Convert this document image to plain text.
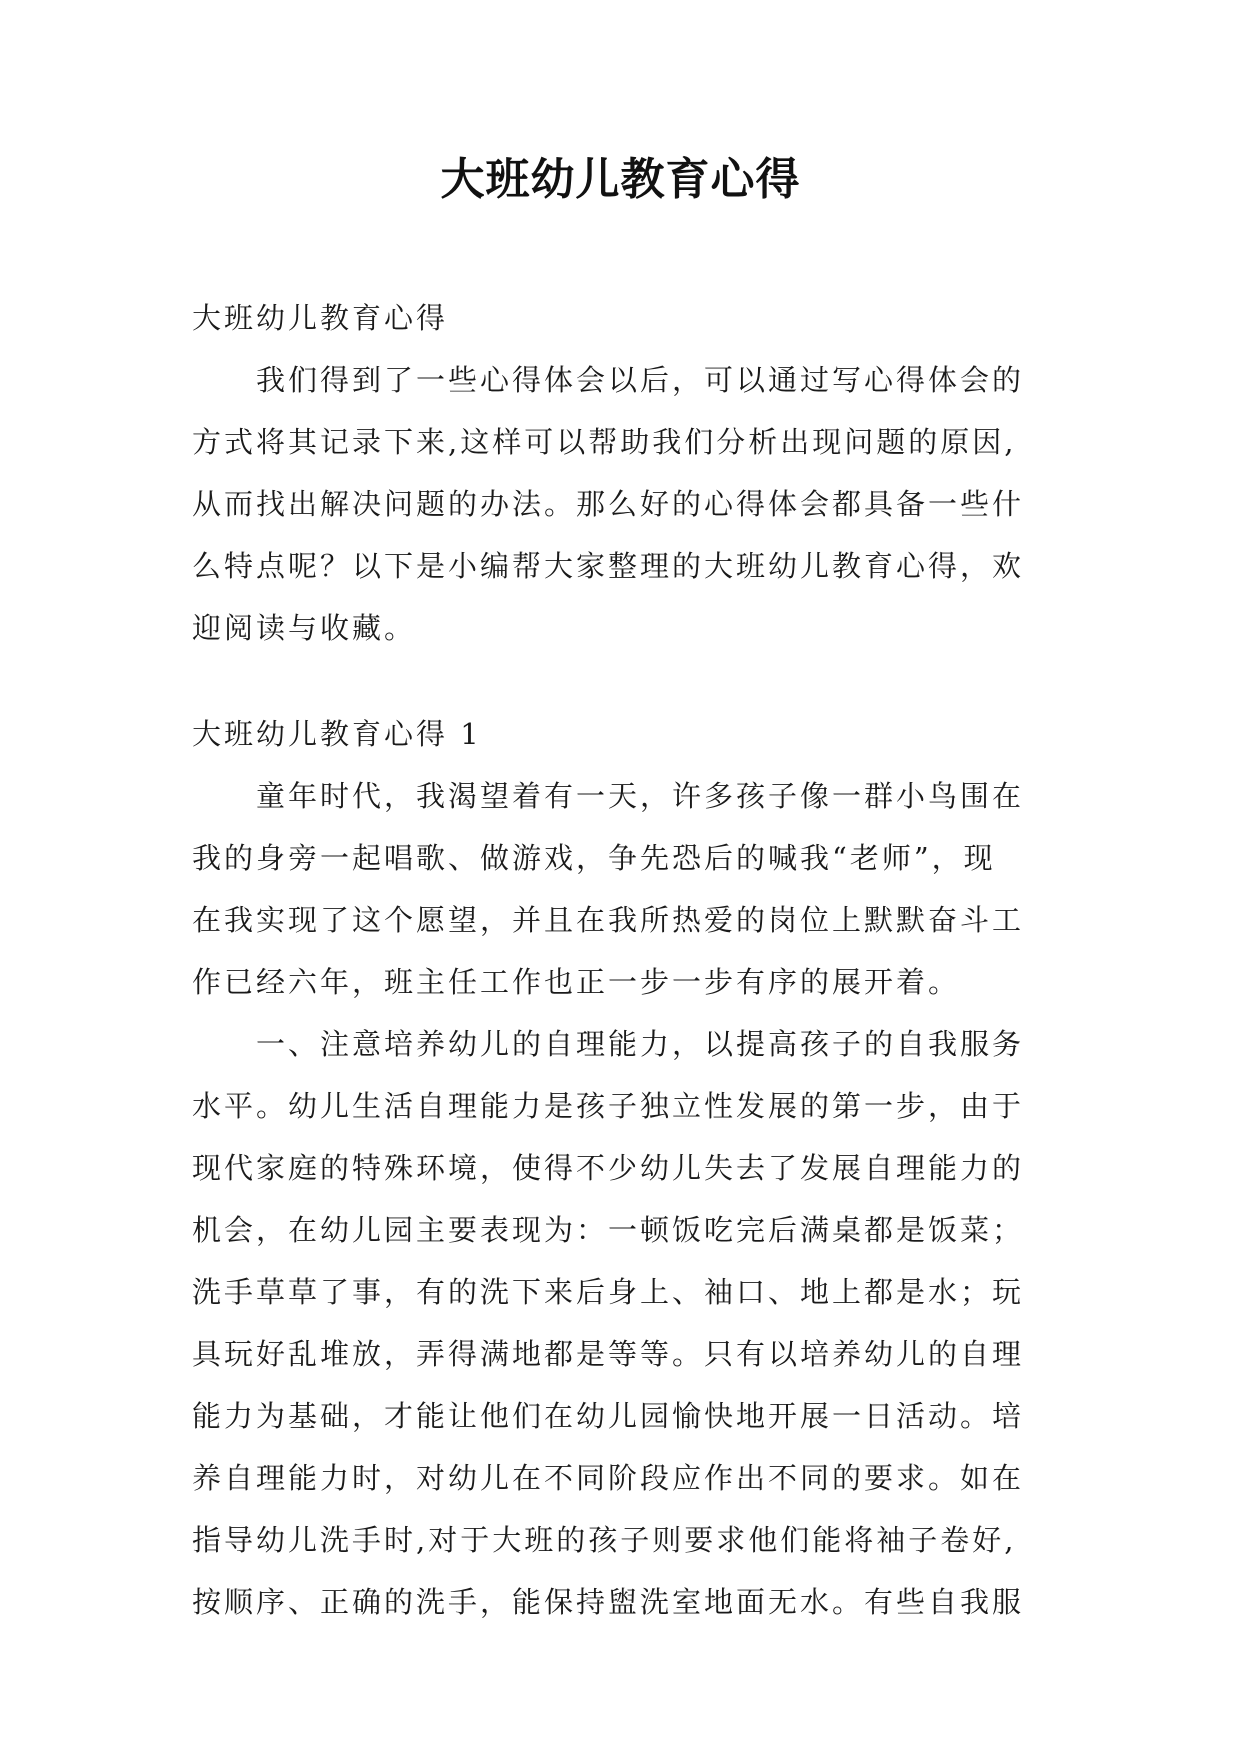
大班幼儿教育心得

大班幼儿教育心得

　　我们得到了一些心得体会以后，可以通过写心得体会的

方式将其记录下来,这样可以帮助我们分析出现问题的原因,

从而找出解决问题的办法。那么好的心得体会都具备一些什

么特点呢？以下是小编帮大家整理的大班幼儿教育心得，欢

迎阅读与收藏。

大班幼儿教育心得 1

　　童年时代，我渴望着有一天，许多孩子像一群小鸟围在

我的身旁一起唱歌、做游戏，争先恐后的喊我“老师”，现

在我实现了这个愿望，并且在我所热爱的岗位上默默奋斗工

作已经六年，班主任工作也正一步一步有序的展开着。

　　一、注意培养幼儿的自理能力，以提高孩子的自我服务

水平。幼儿生活自理能力是孩子独立性发展的第一步，由于

现代家庭的特殊环境，使得不少幼儿失去了发展自理能力的

机会，在幼儿园主要表现为：一顿饭吃完后满桌都是饭菜；

洗手草草了事，有的洗下来后身上、袖口、地上都是水；玩

具玩好乱堆放，弄得满地都是等等。只有以培养幼儿的自理

能力为基础，才能让他们在幼儿园愉快地开展一日活动。培

养自理能力时，对幼儿在不同阶段应作出不同的要求。如在

指导幼儿洗手时,对于大班的孩子则要求他们能将袖子卷好,

按顺序、正确的洗手，能保持盥洗室地面无水。有些自我服
